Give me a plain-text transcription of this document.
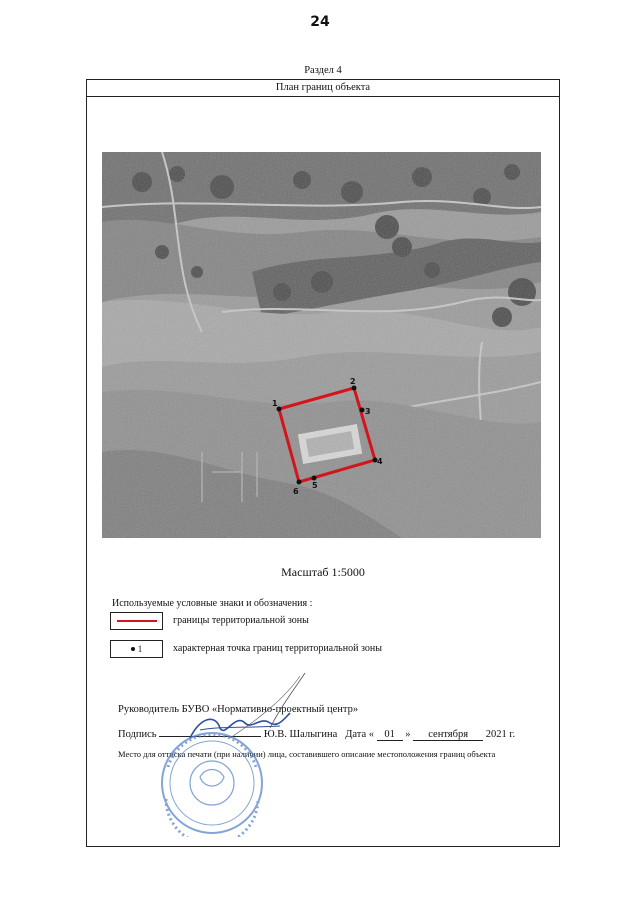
24
Раздел 4
План границ объекта
1
2
3
4
5
6
Масштаб 1:5000
Используемые условные знаки и обозначения :
границы территориальной зоны
1	характерная точка границ территориальной зоны
Руководитель БУВО «Нормативно-проектный центр»
Подпись	Ю.В. Шалыгина Дата « 01 » сентября 2021 г.
Место для оттиска печати (при наличии) лица, составившего описание местоположения границ объекта
